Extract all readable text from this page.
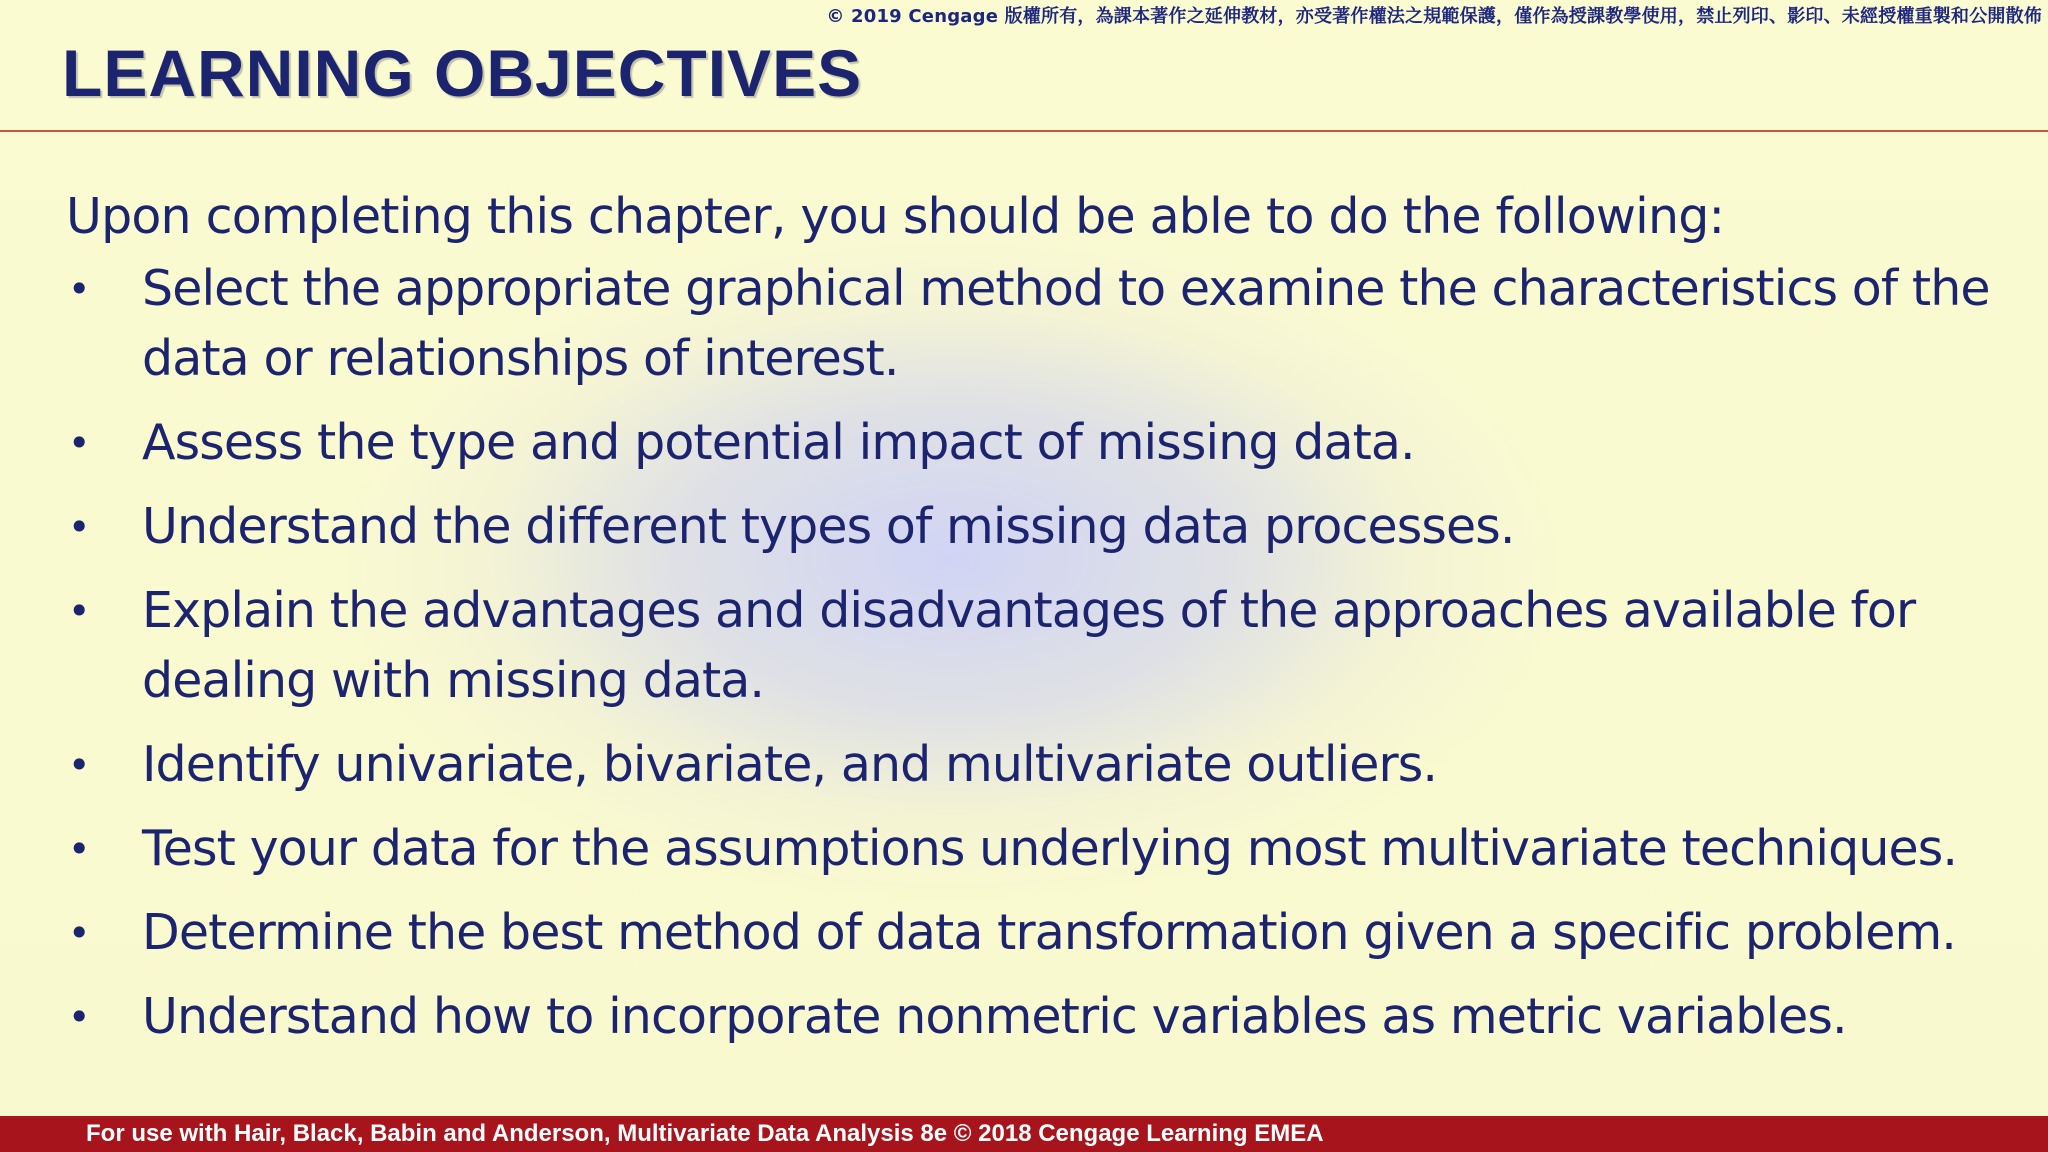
© 2019 Cengage 版權所有，為課本著作之延伸教材，亦受著作權法之規範保護，僅作為授課教學使用，禁止列印、影印、未經授權重製和公開散佈
LEARNING OBJECTIVES

Upon completing this chapter, you should be able to do the following:

• Select the appropriate graphical method to examine the characteristics of the data or relationships of interest.
• Assess the type and potential impact of missing data.
• Understand the different types of missing data processes.
• Explain the advantages and disadvantages of the approaches available for dealing with missing data.
• Identify univariate, bivariate, and multivariate outliers.
• Test your data for the assumptions underlying most multivariate techniques.
• Determine the best method of data transformation given a specific problem.
• Understand how to incorporate nonmetric variables as metric variables.
For use with Hair, Black, Babin and Anderson, Multivariate Data Analysis 8e © 2018 Cengage Learning EMEA
